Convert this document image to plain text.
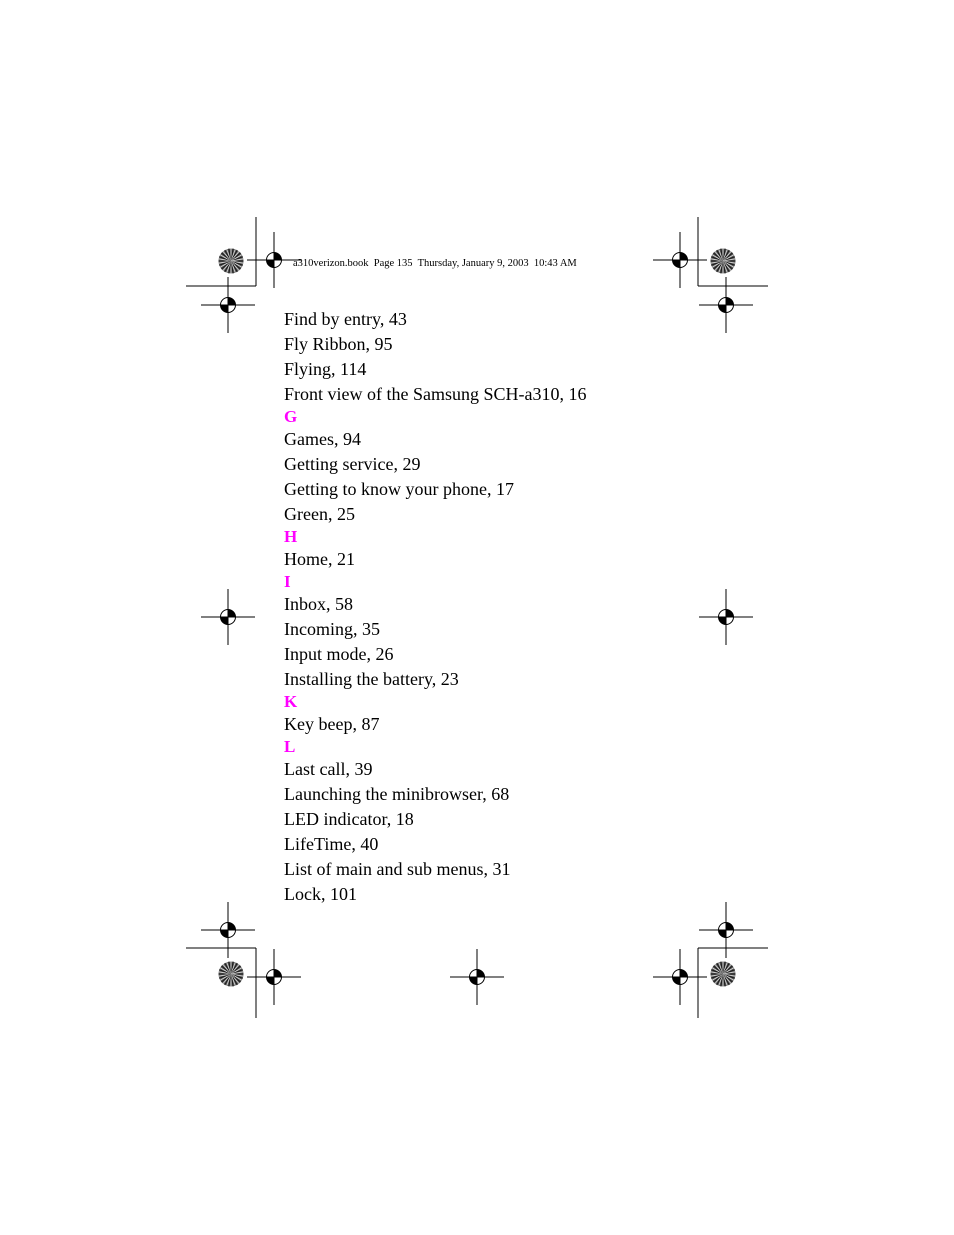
a310verizon.book  Page 135  Thursday, January 9, 2003  10:43 AM
Find by entry, 43
Fly Ribbon, 95
Flying, 114
Front view of the Samsung SCH-a310, 16
G
Games, 94
Getting service, 29
Getting to know your phone, 17
Green, 25
H
Home, 21
I
Inbox, 58
Incoming, 35
Input mode, 26
Installing the battery, 23
K
Key beep, 87
L
Last call, 39
Launching the minibrowser, 68
LED indicator, 18
LifeTime, 40
List of main and sub menus, 31
Lock, 101
